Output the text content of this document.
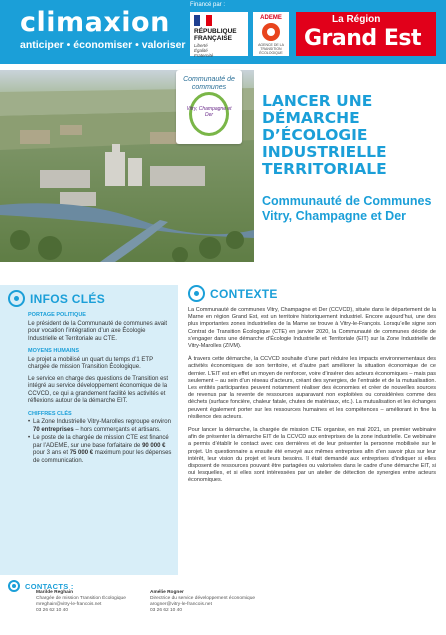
climaxion
anticiper • économiser • valoriser
Financé par :
RÉPUBLIQUE
FRANÇAISE
Liberté
Égalité
Fraternité
ADEME
AGENCE DE LA TRANSITION ÉCOLOGIQUE
La Région
Grand Est
Communauté de communes
Vitry, Champagne et Der
LANCER UNE DÉMARCHE D’ÉCOLOGIE INDUSTRIELLE TERRITORIALE
Communauté de Communes Vitry, Champagne et Der
INFOS CLÉS
PORTAGE POLITIQUE

Le président de la Communauté de communes avait pour vocation l’intégration d’un axe Écologie Industrielle et Territoriale au CTE.

MOYENS HUMAINS

Le projet a mobilisé un quart du temps d’1 ETP chargée de mission Transition Écologique.

Le service en charge des questions de Transition est intégré au service développement économique de la CCVCD, ce qui a grandement facilité les activités et réflexions autour de la démarche EIT.

CHIFFRES CLÉS
• La Zone Industrielle Vitry-Marolles regroupe environ 70 entreprises – hors commerçants et artisans.
• Le poste de la chargée de mission CTE est financé par l’ADEME, sur une base forfaitaire de 90 000 € pour 3 ans et 75 000 € maximum pour les dépenses de communication.
CONTEXTE

La Communauté de communes Vitry, Champagne et Der (CCVCD), située dans le département de la Marne en région Grand Est, est un territoire historiquement industriel. Encore aujourd’hui, une des plus importantes zones industrielles de la Marne se trouve à Vitry-le-François. Lorsqu’elle signe son Contrat de Transition Écologique (CTE) en janvier 2020, la Communauté de communes décide de s’engager dans une démarche d’Écologie Industrielle et Territoriale (EIT) sur la Zone Industrielle de Vitry-Marolles (ZIVM).

À travers cette démarche, la CCVCD souhaite d’une part réduire les impacts environnementaux des activités économiques de son territoire, et d’autre part améliorer la situation économique de ce dernier. L’EIT est en effet un moyen de renforcer, voire d’insérer des acteurs économiques – mais pas seulement – au sein d’un réseau d’acteurs, créant des synergies, de l’entraide et de la mutualisation. Les entités participantes peuvent notamment réaliser des économies et créer de nouvelles sources de revenus par la revente de ressources auparavant non exploitées ou considérées comme des déchets (surface foncière, chaleur fatale, chutes de matériaux, etc.). La mutualisation et les échanges peuvent également porter sur les ressources humaines et les compétences – améliorant in fine la résilience des acteurs.

Pour lancer la démarche, la chargée de mission CTE organise, en mai 2021, un premier webinaire afin de présenter la démarche EIT de la CCVCD aux entreprises de la zone industrielle. Ce webinaire a permis d’établir le contact avec ces dernières et de leur présenter la personne mobilisée sur le projet. Un questionnaire a ensuite été envoyé aux mêmes entreprises afin d’en savoir plus sur leur intérêt, leur vision du projet et leurs besoins. Il était demandé aux entreprises d’indiquer si elles disposent de ressources pouvant être partagées ou valorisées dans le cadre d’une démarche EIT, si oui lesquelles, et si elles sont intéressées par un atelier de détection de synergies entre acteurs économiques.

CONTACTS :
Marilde Reghain
Chargée de mission Transition Écologique
mreghain@vitry-le-francois.net
03 26 62 10 40
Amélie Rogner
Directrice du service développement économique
arogner@vitry-le-francois.net
03 26 62 10 40
